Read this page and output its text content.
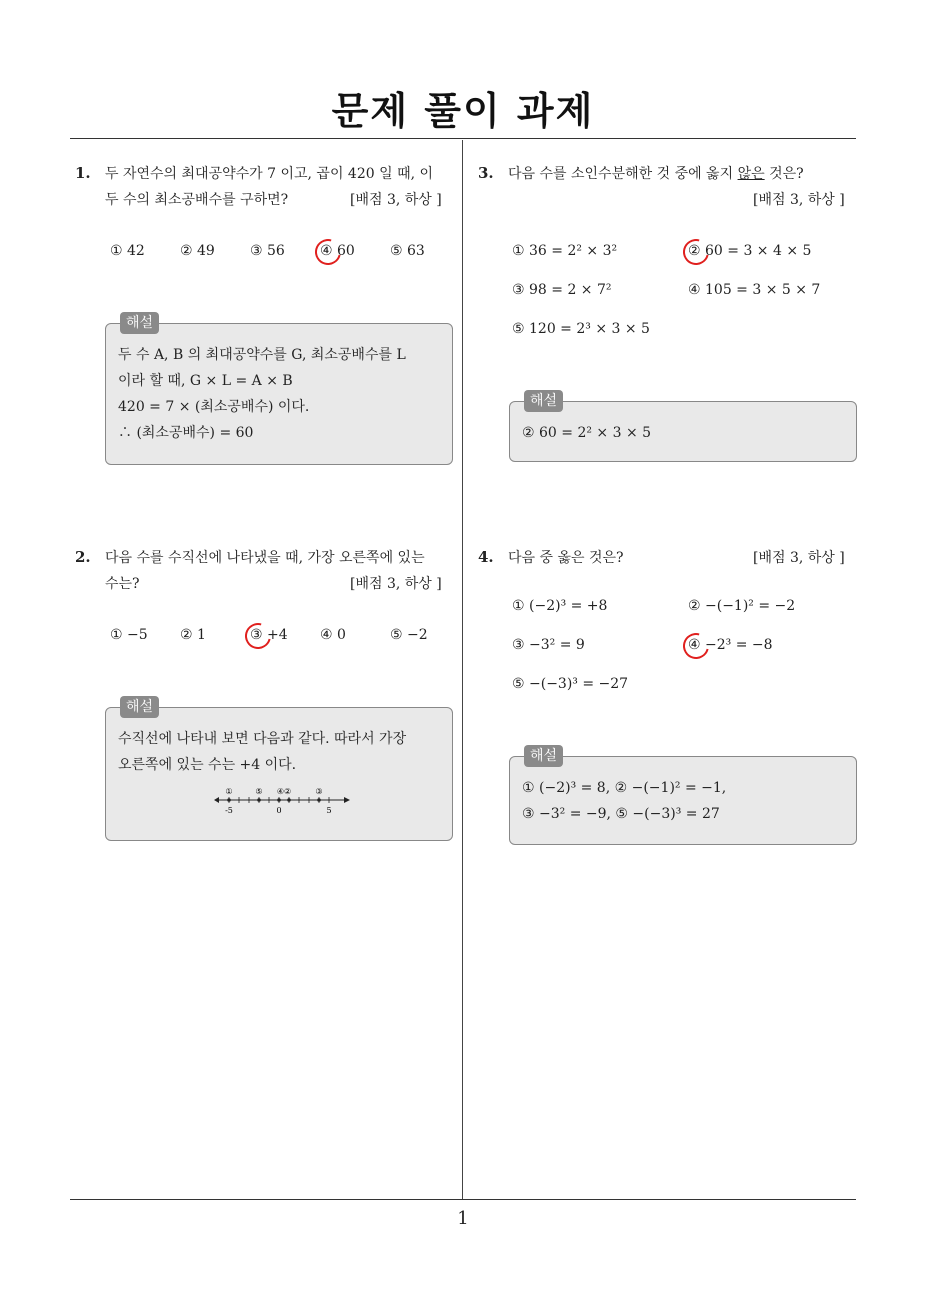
문제 풀이 과제
1
1. 두 자연수의 최대공약수가 7 이고, 곱이 420 일 때, 이
두 수의 최소공배수를 구하면?	[배점 3, 하상 ]
① 42	② 49	③ 56	④ 60	⑤ 63
해설
두 수 A, B 의 최대공약수를 G, 최소공배수를 L
이라 할 때, G × L = A × B
420 = 7 × (최소공배수) 이다.
∴ (최소공배수) = 60
2. 다음 수를 수직선에 나타냈을 때, 가장 오른쪽에 있는
수는?	[배점 3, 하상 ]
① −5 ② 1	③ +4 ④ 0	⑤ −2
해설
수직선에 나타내 보면 다음과 같다. 따라서 가장
오른쪽에 있는 수는 +4 이다.
①	⑤ ④②	③
-5	0	5
3. 다음 수를 소인수분해한 것 중에 옳지 않은 것은?
[배점 3, 하상 ]
① 36 = 2² × 3²	② 60 = 3 × 4 × 5
③ 98 = 2 × 7²	④ 105 = 3 × 5 × 7
⑤ 120 = 2³ × 3 × 5
해설
② 60 = 2² × 3 × 5
4. 다음 중 옳은 것은?	[배점 3, 하상 ]
① (−2)³ = +8	② −(−1)² = −2
③ −3² = 9	④ −2³ = −8
⑤ −(−3)³ = −27
해설
① (−2)³ = 8, ② −(−1)² = −1,
③ −3² = −9, ⑤ −(−3)³ = 27
